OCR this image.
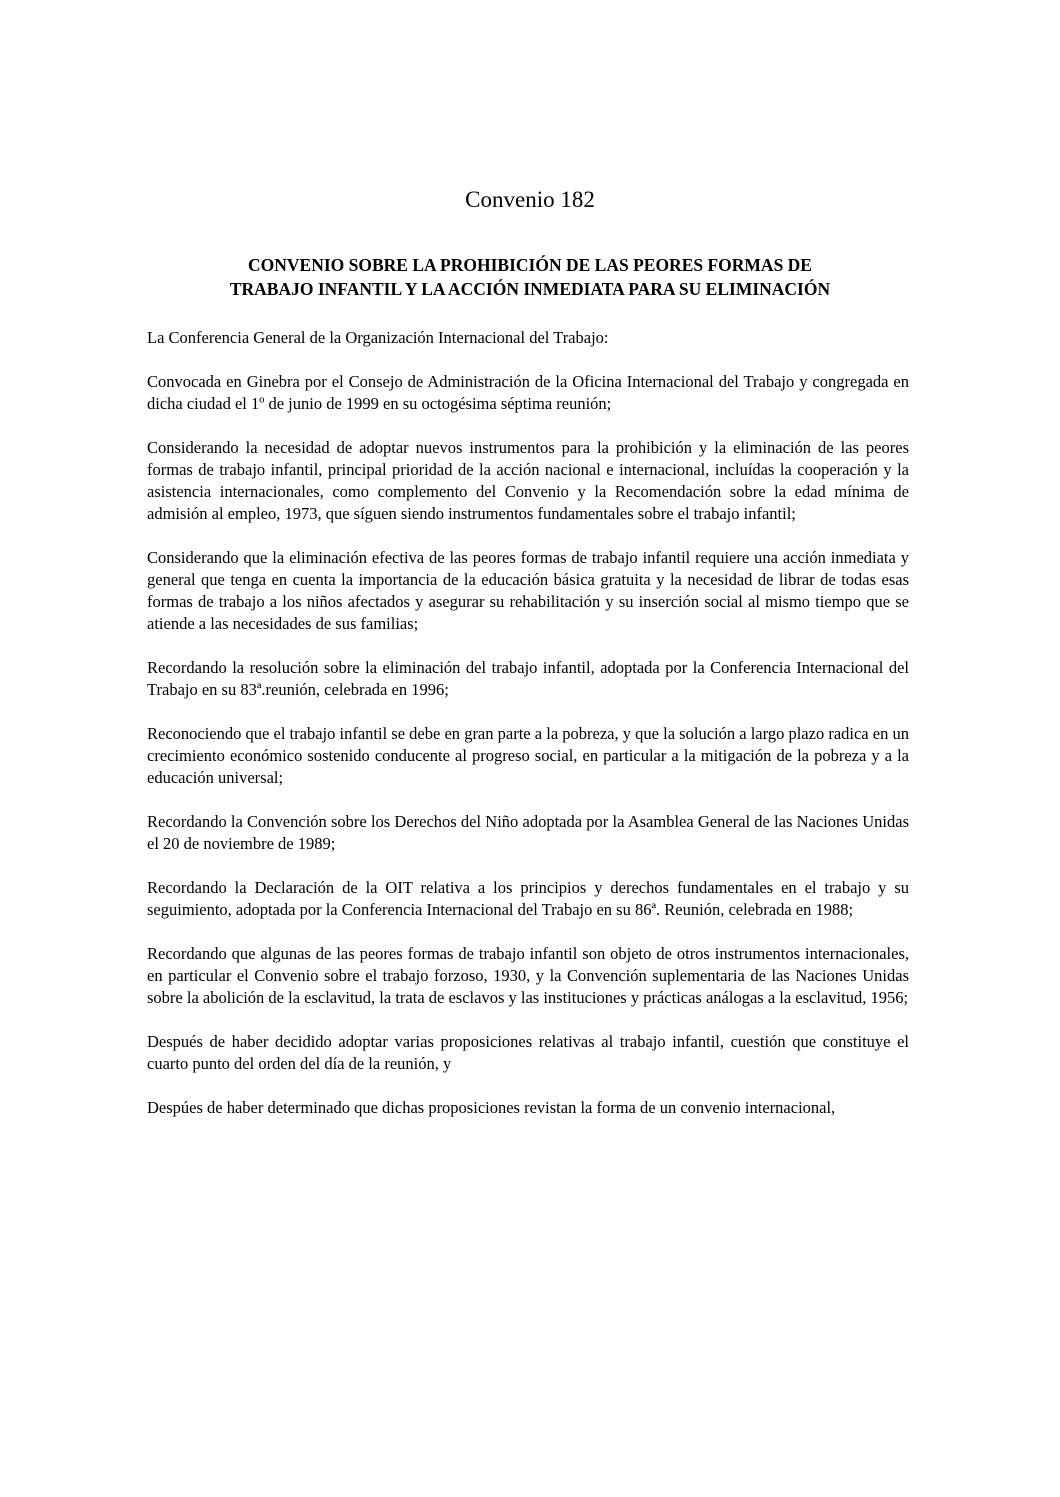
Convenio 182
CONVENIO SOBRE LA PROHIBICIÓN DE LAS PEORES FORMAS DE
TRABAJO INFANTIL Y LA ACCIÓN INMEDIATA PARA SU ELIMINACIÓN

La Conferencia General de la Organización Internacional del Trabajo:

Convocada en Ginebra por el Consejo de Administración de la Oficina Internacional del Trabajo y congregada en dicha ciudad el 1º de junio de 1999 en su octogésima séptima reunión;

Considerando la necesidad de adoptar nuevos instrumentos para la prohibición y la eliminación de las peores formas de trabajo infantil, principal prioridad de la acción nacional e internacional, incluídas la cooperación y la asistencia internacionales, como complemento del Convenio y la Recomendación sobre la edad mínima de admisión al empleo, 1973, que síguen siendo instrumentos fundamentales sobre el trabajo infantil;

Considerando que la eliminación efectiva de las peores formas de trabajo infantil requiere una acción inmediata y general que tenga en cuenta la importancia de la educación básica gratuita y la necesidad de librar de todas esas formas de trabajo a los niños afectados y asegurar su rehabilitación y su inserción social al mismo tiempo que se atiende a las necesidades de sus familias;

Recordando la resolución sobre la eliminación del trabajo infantil, adoptada por la Conferencia Internacional del Trabajo en su 83ª.reunión, celebrada en 1996;

Reconociendo que el trabajo infantil se debe en gran parte a la pobreza, y que la solución a largo plazo radica en un crecimiento económico sostenido conducente al progreso social, en particular a la mitigación de la pobreza y a la educación universal;

Recordando la Convención sobre los Derechos del Niño adoptada por la Asamblea General de las Naciones Unidas el 20 de noviembre de 1989;

Recordando la Declaración de la OIT relativa a los principios y derechos fundamentales en el trabajo y su seguimiento, adoptada por la Conferencia Internacional del Trabajo en su 86ª. Reunión, celebrada en 1988;

Recordando que algunas de las peores formas de trabajo infantil son objeto de otros instrumentos internacionales, en particular el Convenio sobre el trabajo forzoso, 1930, y la Convención suplementaria de las Naciones Unidas sobre la abolición de la esclavitud, la trata de esclavos y las instituciones y prácticas análogas a la esclavitud, 1956;

Después de haber decidido adoptar varias proposiciones relativas al trabajo infantil, cuestión que constituye el cuarto punto del orden del día de la reunión, y

Despúes de haber determinado que dichas proposiciones revistan la forma de un convenio internacional,
